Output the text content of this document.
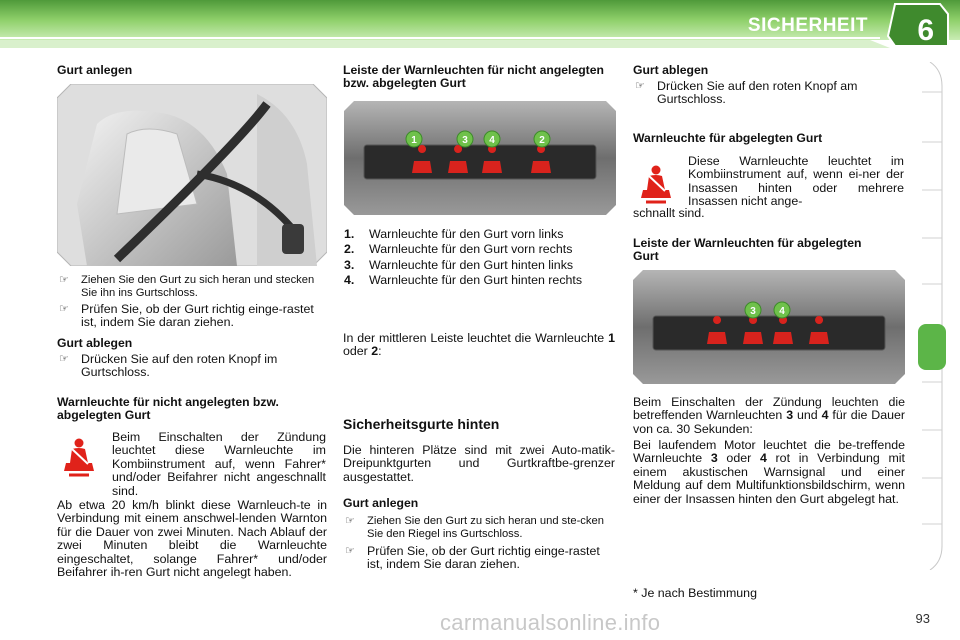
SICHERHEIT 6
Gurt anlegen
☞ Ziehen Sie den Gurt zu sich heran und stecken Sie ihn ins Gurtschloss.
☞ Prüfen Sie, ob der Gurt richtig einge-rastet ist, indem Sie daran ziehen.
Gurt ablegen
☞ Drücken Sie auf den roten Knopf im Gurtschloss.
Warnleuchte für nicht angelegten bzw. abgelegten Gurt
Beim Einschalten der Zündung leuchtet diese Warnleuchte im Kombiinstrument auf, wenn Fahrer* und/oder Beifahrer nicht angeschnallt sind.
Ab etwa 20 km/h blinkt diese Warnleuch-te in Verbindung mit einem anschwel-lenden Warnton für die Dauer von zwei Minuten. Nach Ablauf der zwei Minuten bleibt die Warnleuchte eingeschaltet, solange Fahrer* und/oder Beifahrer ih-ren Gurt nicht angelegt haben.
Leiste der Warnleuchten für nicht angelegten bzw. abgelegten Gurt
1	3 4	2
1. Warnleuchte für den Gurt vorn links
2. Warnleuchte für den Gurt vorn rechts
3. Warnleuchte für den Gurt hinten links
4. Warnleuchte für den Gurt hinten rechts
In der mittleren Leiste leuchtet die Warnleuchte 1 oder 2:
Sicherheitsgurte hinten
Die hinteren Plätze sind mit zwei Auto-matik-Dreipunktgurten und Gurtkraftbe-grenzer ausgestattet.
Gurt anlegen
☞ Ziehen Sie den Gurt zu sich heran und ste-cken Sie den Riegel ins Gurtschloss.
☞ Prüfen Sie, ob der Gurt richtig einge-rastet ist, indem Sie daran ziehen.
Gurt ablegen
☞ Drücken Sie auf den roten Knopf am Gurtschloss.
Warnleuchte für abgelegten Gurt
Diese Warnleuchte leuchtet im Kombiinstrument auf, wenn ei-ner der Insassen hinten oder mehrere Insassen nicht ange-
schnallt sind.
Leiste der Warnleuchten für abgelegten Gurt
3 4
Beim Einschalten der Zündung leuchten die betreffenden Warnleuchten 3 und 4 für die Dauer von ca. 30 Sekunden:
Bei laufendem Motor leuchtet die be-treffende Warnleuchte 3 oder 4 rot in Verbindung mit einem akustischen Warnsignal und einer Meldung auf dem Multifunktionsbildschirm, wenn einer der Insassen hinten den Gurt abgelegt hat.
* Je nach Bestimmung
93
carmanualsonline.info
